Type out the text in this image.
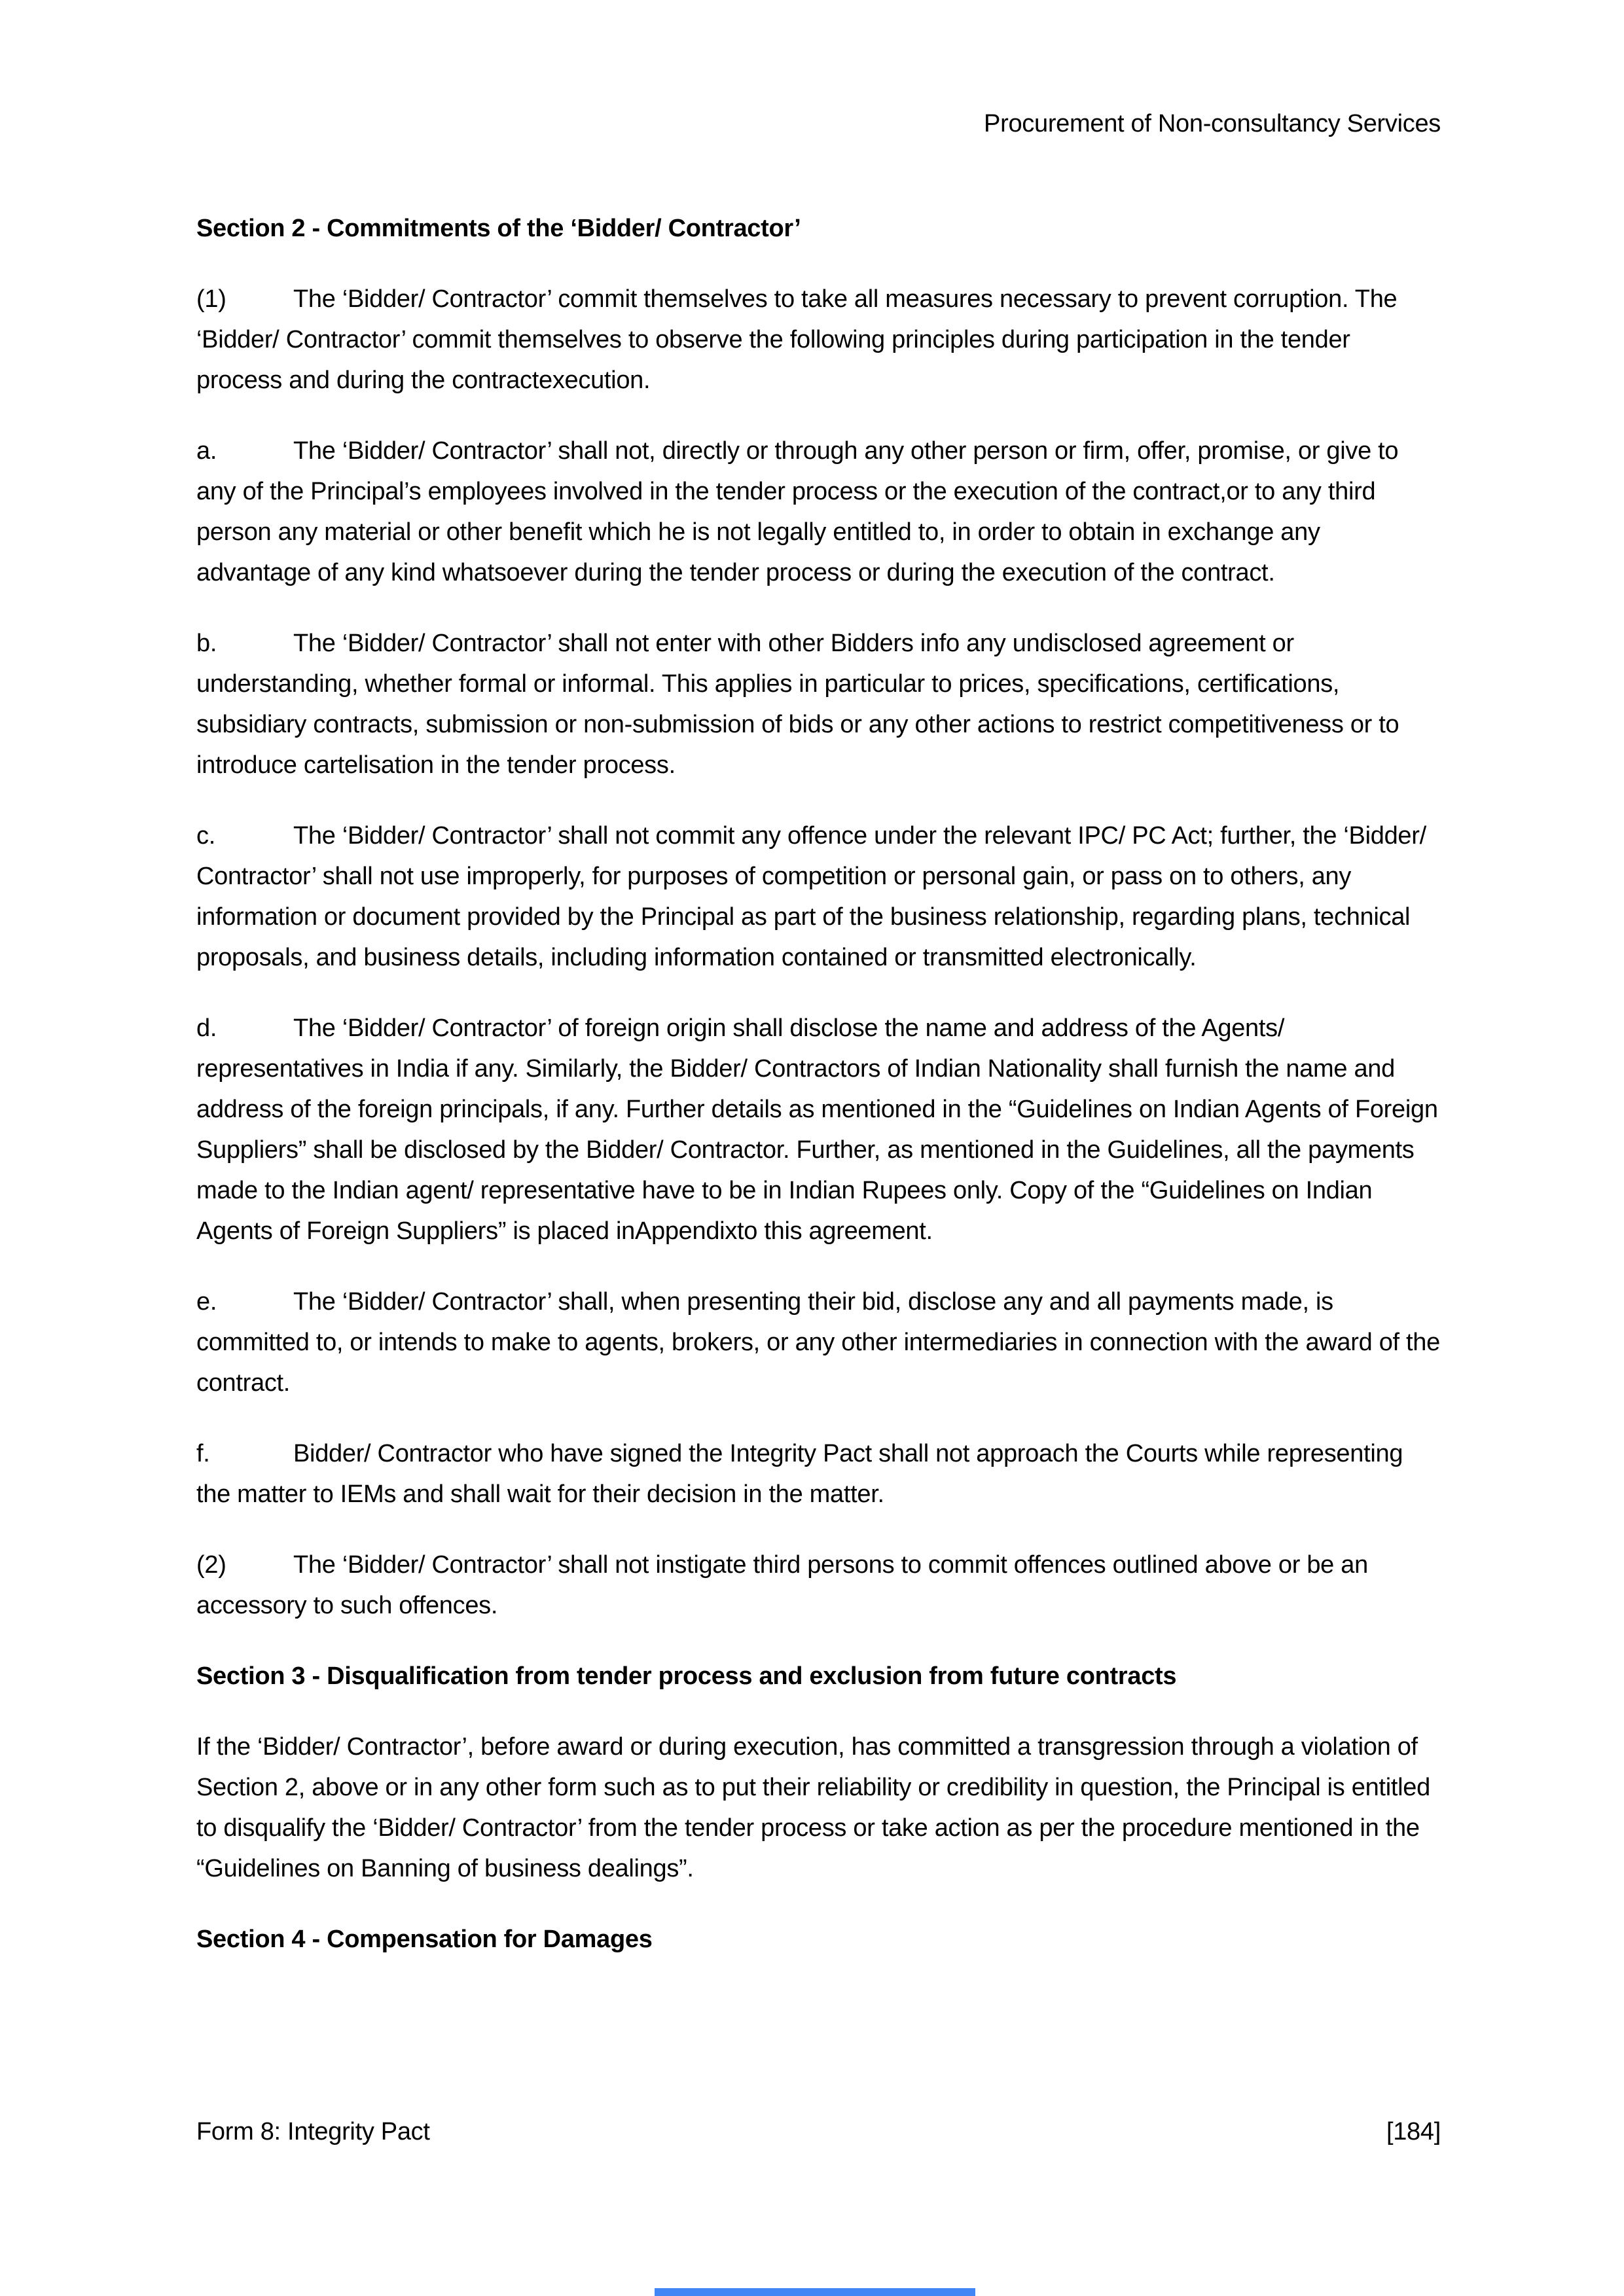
Procurement of Non-consultancy Services
Section 2 - Commitments of the ‘Bidder/ Contractor’
(1)	The ‘Bidder/ Contractor’ commit themselves to take all measures necessary to prevent corruption. The ‘Bidder/ Contractor’ commit themselves to observe the following principles during participation in the tender process and during the contractexecution.
a.	The ‘Bidder/ Contractor’ shall not, directly or through any other person or firm, offer, promise, or give to any of the Principal’s employees involved in the tender process or the execution of the contract,or to any third person any material or other benefit which he is not legally entitled to, in order to obtain in exchange any advantage of any kind whatsoever during the tender process or during the execution of the contract.
b.	The ‘Bidder/ Contractor’ shall not enter with other Bidders info any undisclosed agreement or understanding, whether formal or informal. This applies in particular to prices, specifications, certifications, subsidiary contracts, submission or non-submission of bids or any other actions to restrict competitiveness or to introduce cartelisation in the tender process.
c.	The ‘Bidder/ Contractor’ shall not commit any offence under the relevant IPC/ PC Act; further, the ‘Bidder/ Contractor’ shall not use improperly, for purposes of competition or personal gain, or pass on to others, any information or document provided by the Principal as part of the business relationship, regarding plans, technical proposals, and business details, including information contained or transmitted electronically.
d.	The ‘Bidder/ Contractor’ of foreign origin shall disclose the name and address of the Agents/ representatives in India if any. Similarly, the Bidder/ Contractors of Indian Nationality shall furnish the name and address of the foreign principals, if any. Further details as mentioned in the “Guidelines on Indian Agents of Foreign Suppliers” shall be disclosed by the Bidder/ Contractor. Further, as mentioned in the Guidelines, all the payments made to the Indian agent/ representative have to be in Indian Rupees only. Copy of the “Guidelines on Indian Agents of Foreign Suppliers” is placed inAppendixto this agreement.
e.	The ‘Bidder/ Contractor’ shall, when presenting their bid, disclose any and all payments made, is committed to, or intends to make to agents, brokers, or any other intermediaries in connection with the award of the contract.
f.	Bidder/ Contractor who have signed the Integrity Pact shall not approach the Courts while representing the matter to IEMs and shall wait for their decision in the matter.
(2)	The ‘Bidder/ Contractor’ shall not instigate third persons to commit offences outlined above or be an accessory to such offences.
Section 3 - Disqualification from tender process and exclusion from future contracts
If the ‘Bidder/ Contractor’, before award or during execution, has committed a transgression through a violation of Section 2, above or in any other form such as to put their reliability or credibility in question, the Principal is entitled to disqualify the ‘Bidder/ Contractor’ from the tender process or take action as per the procedure mentioned in the “Guidelines on Banning of business dealings”.
Section 4 - Compensation for Damages
Form 8: Integrity Pact	[184]
